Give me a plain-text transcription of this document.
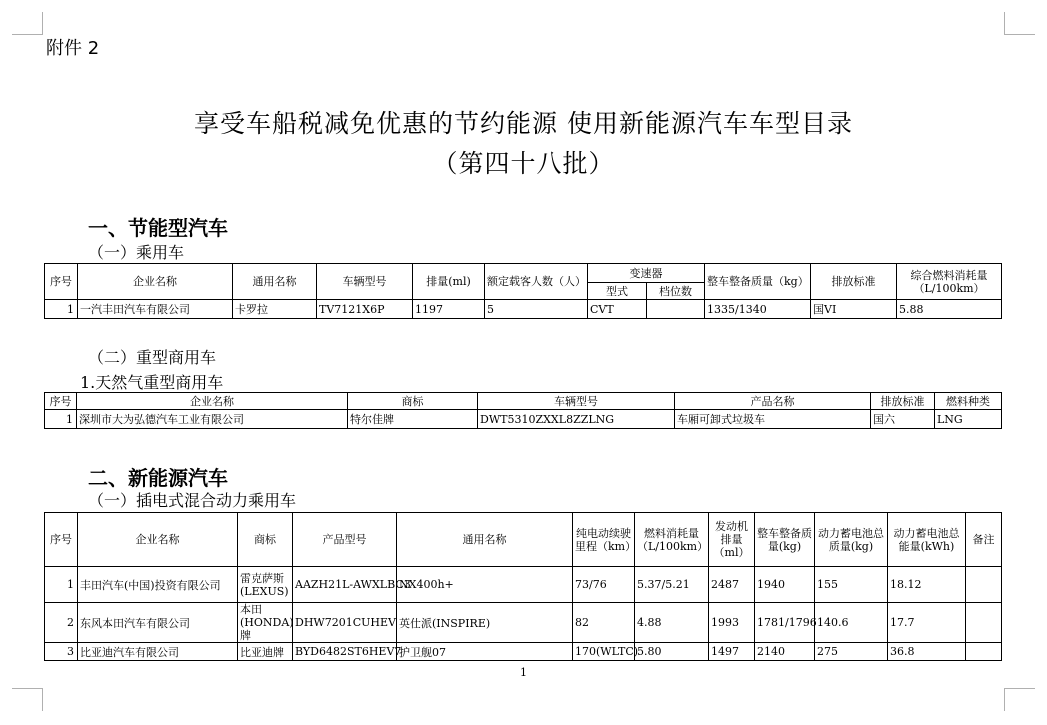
附件 2
享受车船税减免优惠的节约能源 使用新能源汽车车型目录
（第四十八批）
一、节能型汽车
（一）乘用车
序号	企业名称	通用名称	车辆型号	排量(ml)	额定载客人数（人）	变速器		整车整备质量（kg）	排放标准	综合燃料消耗量（L/100km）
						型式	档位数			
1	一汽丰田汽车有限公司	卡罗拉	TV7121X6P	1197	5	CVT		1335/1340	国VI	5.88
（二）重型商用车
1.天然气重型商用车
序号	企业名称	商标	车辆型号	产品名称	排放标准	燃料种类
1	深圳市大为弘德汽车工业有限公司	特尔佳牌	DWT5310ZXXL8ZZLNG	车厢可卸式垃圾车	国六	LNG
二、新能源汽车
（一）插电式混合动力乘用车
序号	企业名称	商标	产品型号	通用名称	纯电动续驶里程（km）	燃料消耗量（L/100km）	发动机排量（ml）	整车整备质量(kg)	动力蓄电池总质量(kg)	动力蓄电池总能量(kWh)	备注
1	丰田汽车(中国)投资有限公司	雷克萨斯(LEXUS)	AAZH21L-AWXLBC3	NX400h+	73/76	5.37/5.21	2487	1940	155	18.12	
2	东风本田汽车有限公司	本田(HONDA)牌	DHW7201CUHEV	英仕派(INSPIRE)	82	4.88	1993	1781/1796	140.6	17.7	
3	比亚迪汽车有限公司	比亚迪牌	BYD6482ST6HEV7	护卫舰07	170(WLTC)	5.80	1497	2140	275	36.8	
1
